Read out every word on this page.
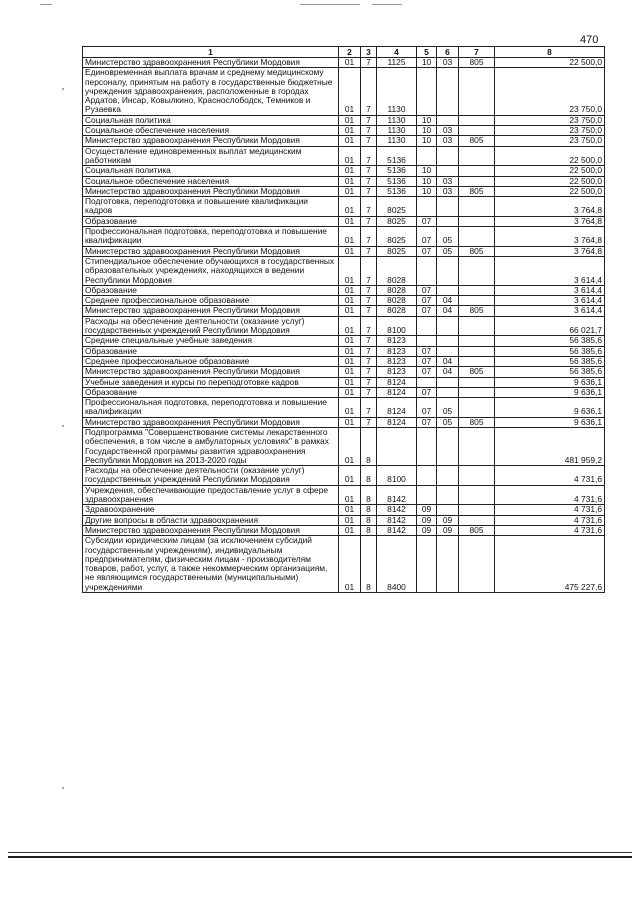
470
1	2	3	4	5	6	7	8
Министерство здравоохранения Республики Мордовия	01	7	1125	10	03	805	22 500,0
Единовременная выплата врачам и среднему медицинскому персоналу, принятым на работу в государственные бюджетные учреждения здравоохранения, расположенные в городах Ардатов, Инсар, Ковылкино, Краснослободск, Темников и Рузаевка	01	7	1130				23 750,0
Социальная политика	01	7	1130	10			23 750,0
Социальное обеспечение населения	01	7	1130	10	03		23 750,0
Министерство здравоохранения Республики Мордовия	01	7	1130	10	03	805	23 750,0
Осуществление единовременных выплат медицинским работникам	01	7	5136				22 500,0
Социальная политика	01	7	5136	10			22 500,0
Социальное обеспечение населения	01	7	5136	10	03		22 500,0
Министерство здравоохранения Республики Мордовия	01	7	5136	10	03	805	22 500,0
Подготовка, переподготовка и повышение квалификации кадров	01	7	8025				3 764,8
Образование	01	7	8025	07			3 764,8
Профессиональная подготовка, переподготовка и повышение квалификации	01	7	8025	07	05		3 764,8
Министерство здравоохранения Республики Мордовия	01	7	8025	07	05	805	3 764,8
Стипендиальное обеспечение обучающихся в государственных образовательных учреждениях, находящихся в ведении Республики Мордовия	01	7	8028				3 614,4
Образование	01	7	8028	07			3 614,4
Среднее профессиональное образование	01	7	8028	07	04		3 614,4
Министерство здравоохранения Республики Мордовия	01	7	8028	07	04	805	3 614,4
Расходы на обеспечение деятельности (оказание услуг) государственных учреждений Республики Мордовия	01	7	8100				66 021,7
Средние специальные учебные заведения	01	7	8123				56 385,6
Образование	01	7	8123	07			56 385,6
Среднее профессиональное образование	01	7	8123	07	04		56 385,6
Министерство здравоохранения Республики Мордовия	01	7	8123	07	04	805	56 385,6
Учебные заведения и курсы по переподготовке кадров	01	7	8124				9 636,1
Образование	01	7	8124	07			9 636,1
Профессиональная подготовка, переподготовка и повышение квалификации	01	7	8124	07	05		9 636,1
Министерство здравоохранения Республики Мордовия	01	7	8124	07	05	805	9 636,1
Подпрограмма "Совершенствование системы лекарственного обеспечения, в том числе в амбулаторных условиях" в рамках Государственной программы развития здравоохранения Республики Мордовия на 2013-2020 годы	01	8					481 959,2
Расходы на обеспечение деятельности (оказание услуг) государственных учреждений Республики Мордовия	01	8	8100				4 731,6
Учреждения, обеспечивающие предоставление услуг в сфере здравоохранения	01	8	8142				4 731,6
Здравоохранение	01	8	8142	09			4 731,6
Другие вопросы в области здравоохранения	01	8	8142	09	09		4 731,6
Министерство здравоохранения Республики Мордовия	01	8	8142	09	09	805	4 731,6
Субсидии юридическим лицам (за исключением субсидий государственным учреждениям), индивидуальным предпринимателям, физическим лицам - производителям товаров, работ, услуг, а также некоммерческим организациям, не являющимся государственными (муниципальными) учреждениями	01	8	8400				475 227,6
